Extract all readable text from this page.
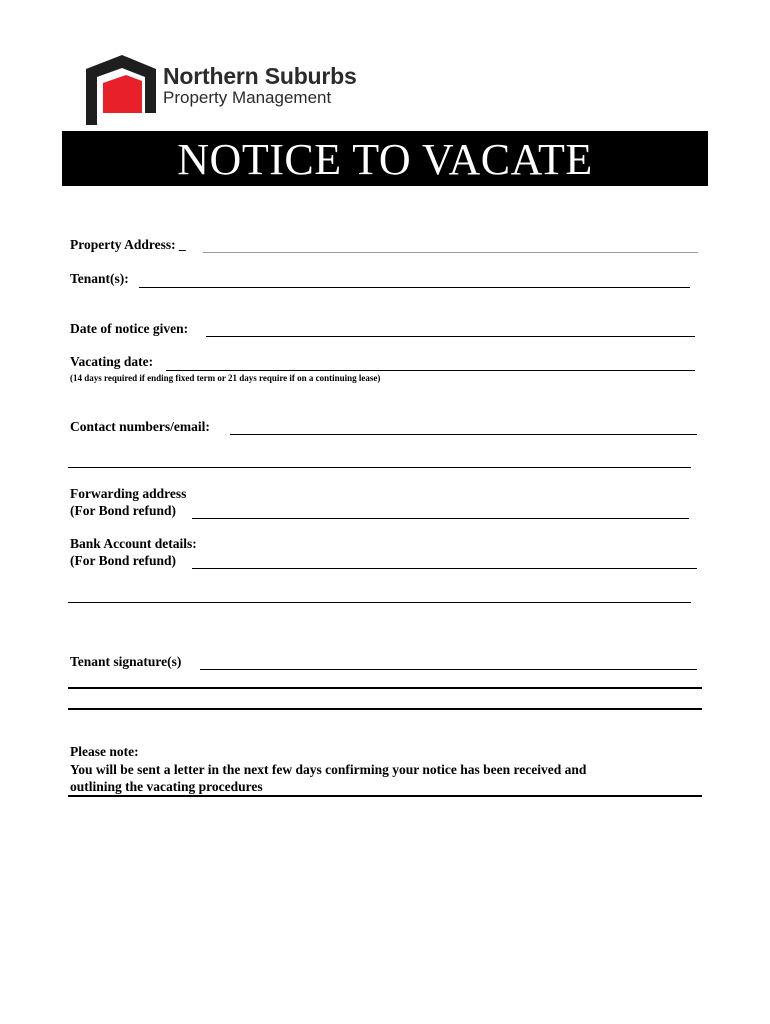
Northern Suburbs
Property Management
NOTICE TO VACATE
Property Address: _
Tenant(s):
Date of notice given:
Vacating date:
(14 days required if ending fixed term or 21 days require if on a continuing lease)
Contact numbers/email:
Forwarding address
(For Bond refund)
Bank Account details:
(For Bond refund)
Tenant signature(s)
Please note:
You will be sent a letter in the next few days confirming your notice has been received and
outlining the vacating procedures
